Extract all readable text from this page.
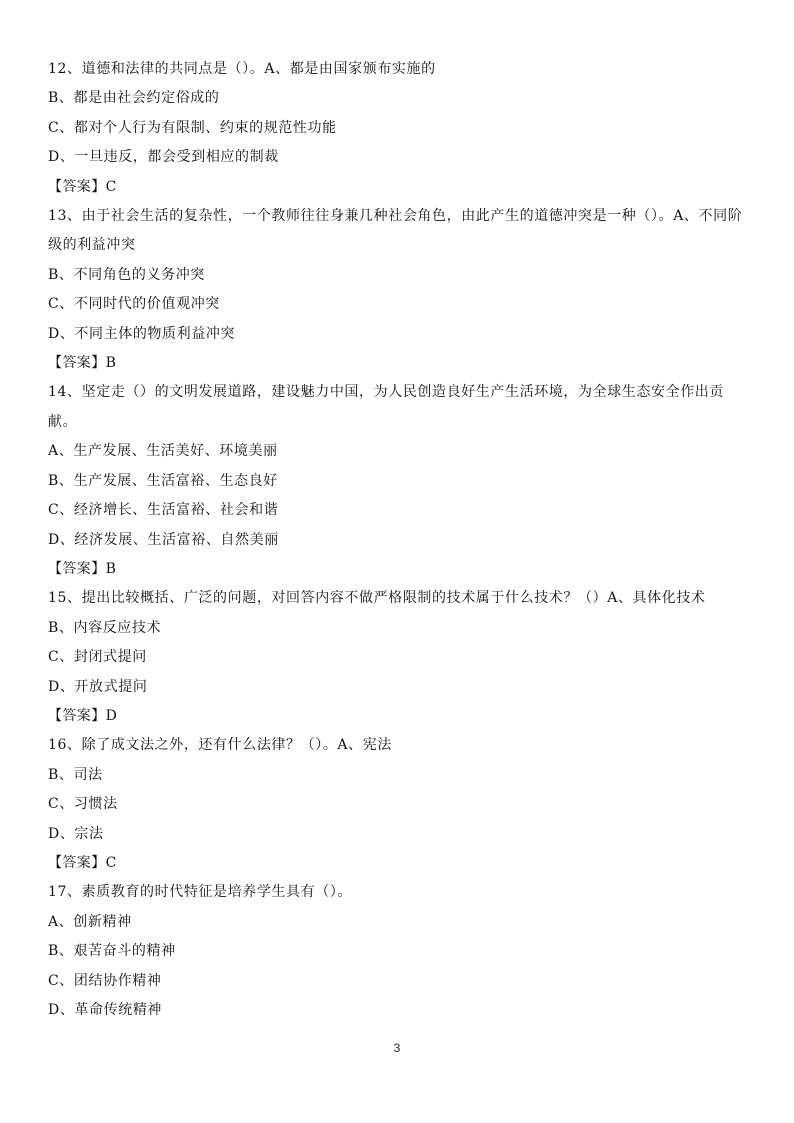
12、道德和法律的共同点是（）。A、都是由国家颁布实施的
B、都是由社会约定俗成的
C、都对个人行为有限制、约束的规范性功能
D、一旦违反，都会受到相应的制裁
【答案】C
13、由于社会生活的复杂性，一个教师往往身兼几种社会角色，由此产生的道德冲突是一种（）。A、不同阶级的利益冲突
B、不同角色的义务冲突
C、不同时代的价值观冲突
D、不同主体的物质利益冲突
【答案】B
14、坚定走（）的文明发展道路，建设魅力中国，为人民创造良好生产生活环境，为全球生态安全作出贡献。
A、生产发展、生活美好、环境美丽
B、生产发展、生活富裕、生态良好
C、经济增长、生活富裕、社会和谐
D、经济发展、生活富裕、自然美丽
【答案】B
15、提出比较概括、广泛的问题，对回答内容不做严格限制的技术属于什么技术？（）A、具体化技术
B、内容反应技术
C、封闭式提问
D、开放式提问
【答案】D
16、除了成文法之外，还有什么法律？（）。A、宪法
B、司法
C、习惯法
D、宗法
【答案】C
17、素质教育的时代特征是培养学生具有（）。
A、创新精神
B、艰苦奋斗的精神
C、团结协作精神
D、革命传统精神
3
